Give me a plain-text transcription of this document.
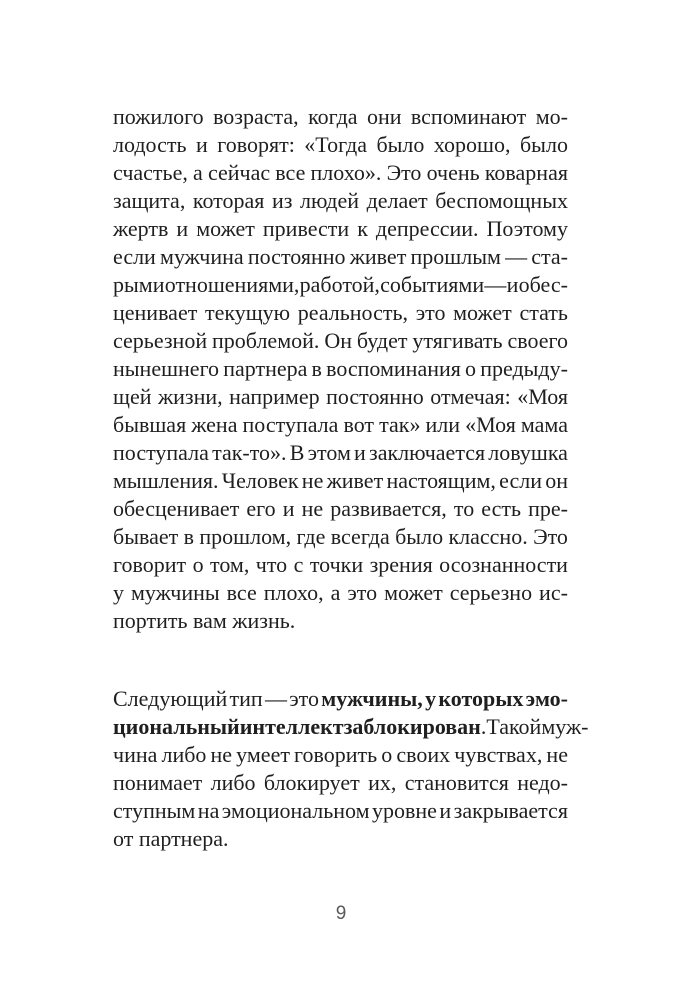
пожилого возраста, когда они вспоминают мо-
лодость и говорят: «Тогда было хорошо, было
счастье, а сейчас все плохо». Это очень коварная
защита, которая из людей делает беспомощных
жертв и может привести к депрессии. Поэтому
если мужчина постоянно живет прошлым — ста-
рыми отношениями, работой, событиями — и обес-
ценивает текущую реальность, это может стать
серьезной проблемой. Он будет утягивать своего
нынешнего партнера в воспоминания о предыду-
щей жизни, например постоянно отмечая: «Моя
бывшая жена поступала вот так» или «Моя мама
поступала так-то». В этом и заключается ловушка
мышления. Человек не живет настоящим, если он
обесценивает его и не развивается, то есть пре-
бывает в прошлом, где всегда было классно. Это
говорит о том, что с точки зрения осознанности
у мужчины все плохо, а это может серьезно ис-
портить вам жизнь.
Следующий тип — это мужчины, у которых эмо-
циональный интеллект заблокирован. Такой муж-
чина либо не умеет говорить о своих чувствах, не
понимает либо блокирует их, становится недо-
ступным на эмоциональном уровне и закрывается
от партнера.
9
